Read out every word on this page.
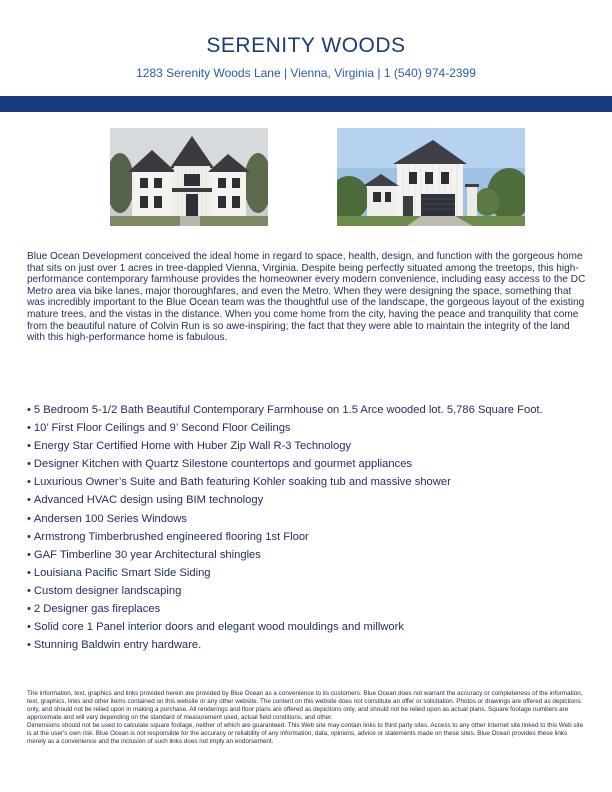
SERENITY WOODS
1283 Serenity Woods Lane | Vienna, Virginia | 1 (540) 974-2399
Blue Ocean Development conceived the ideal home in regard to space, health, design, and function with the gorgeous home that sits on just over 1 acres in tree-dappled Vienna, Virginia. Despite being perfectly situated among the treetops, this high-performance contemporary farmhouse provides the homeowner every modern convenience, including easy access to the DC Metro area via bike lanes, major thoroughfares, and even the Metro. When they were designing the space, something that was incredibly important to the Blue Ocean team was the thoughtful use of the landscape, the gorgeous layout of the existing mature trees, and the vistas in the distance. When you come home from the city, having the peace and tranquility that come from the beautiful nature of Colvin Run is so awe-inspiring; the fact that they were able to maintain the integrity of the land with this high-performance home is fabulous.
• 5 Bedroom 5-1/2 Bath Beautiful Contemporary Farmhouse on 1.5 Arce wooded lot. 5,786 Square Foot.
• 10’ First Floor Ceilings and 9’ Second Floor Ceilings
• Energy Star Certified Home with Huber Zip Wall R-3 Technology
• Designer Kitchen with Quartz Silestone countertops and gourmet appliances
• Luxurious Owner’s Suite and Bath featuring Kohler soaking tub and massive shower
• Advanced HVAC design using BIM technology
• Andersen 100 Series Windows
• Armstrong Timberbrushed engineered flooring 1st Floor
• GAF Timberline 30 year Architectural shingles
• Louisiana Pacific Smart Side Siding
• Custom designer landscaping
• 2 Designer gas fireplaces
• Solid core 1 Panel interior doors and elegant wood mouldings and millwork
• Stunning Baldwin entry hardware.

The information, text, graphics and links provided herein are provided by Blue Ocean as a convenience to its customers. Blue Ocean does not warrant the accuracy or completeness of the information, text, graphics, links and other items contained on this website or any other website. The content on this website does not constitute an offer or solicitation. Photos or drawings are offered as depictions only, and should not be relied upon in making a purchase. All renderings and floor plans are offered as depictions only, and should not be relied upon as actual plans. Square footage numbers are approximate and will vary depending on the standard of measurement used, actual field conditions, and other.

Dimensions should not be used to calculate square footage, neither of which are guaranteed. This Web site may contain links to third party sites. Access to any other Internet site linked to this Web site is at the user's own risk. Blue Ocean is not responsible for the accuracy or reliability of any information, data, opinions, advice or statements made on these sites. Blue Ocean provides these links merely as a convenience and the inclusion of such links does not imply an endorsement.
